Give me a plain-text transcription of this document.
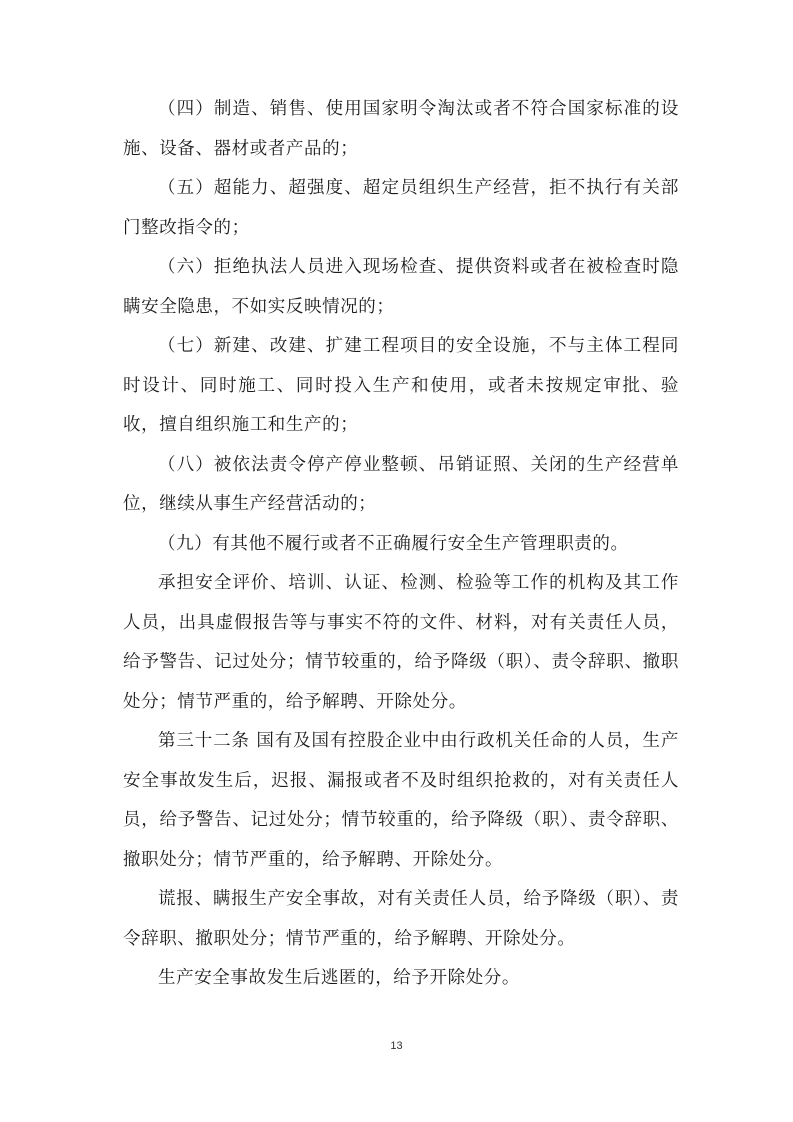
（四）制造、销售、使用国家明令淘汰或者不符合国家标准的设施、设备、器材或者产品的；

（五）超能力、超强度、超定员组织生产经营，拒不执行有关部门整改指令的；

（六）拒绝执法人员进入现场检查、提供资料或者在被检查时隐瞒安全隐患，不如实反映情况的；

（七）新建、改建、扩建工程项目的安全设施，不与主体工程同时设计、同时施工、同时投入生产和使用，或者未按规定审批、验收，擅自组织施工和生产的；

（八）被依法责令停产停业整顿、吊销证照、关闭的生产经营单位，继续从事生产经营活动的；

（九）有其他不履行或者不正确履行安全生产管理职责的。

承担安全评价、培训、认证、检测、检验等工作的机构及其工作人员，出具虚假报告等与事实不符的文件、材料，对有关责任人员，给予警告、记过处分；情节较重的，给予降级（职）、责令辞职、撤职处分；情节严重的，给予解聘、开除处分。

第三十二条 国有及国有控股企业中由行政机关任命的人员，生产安全事故发生后，迟报、漏报或者不及时组织抢救的，对有关责任人员，给予警告、记过处分；情节较重的，给予降级（职）、责令辞职、撤职处分；情节严重的，给予解聘、开除处分。

谎报、瞒报生产安全事故，对有关责任人员，给予降级（职）、责令辞职、撤职处分；情节严重的，给予解聘、开除处分。

生产安全事故发生后逃匿的，给予开除处分。

13
